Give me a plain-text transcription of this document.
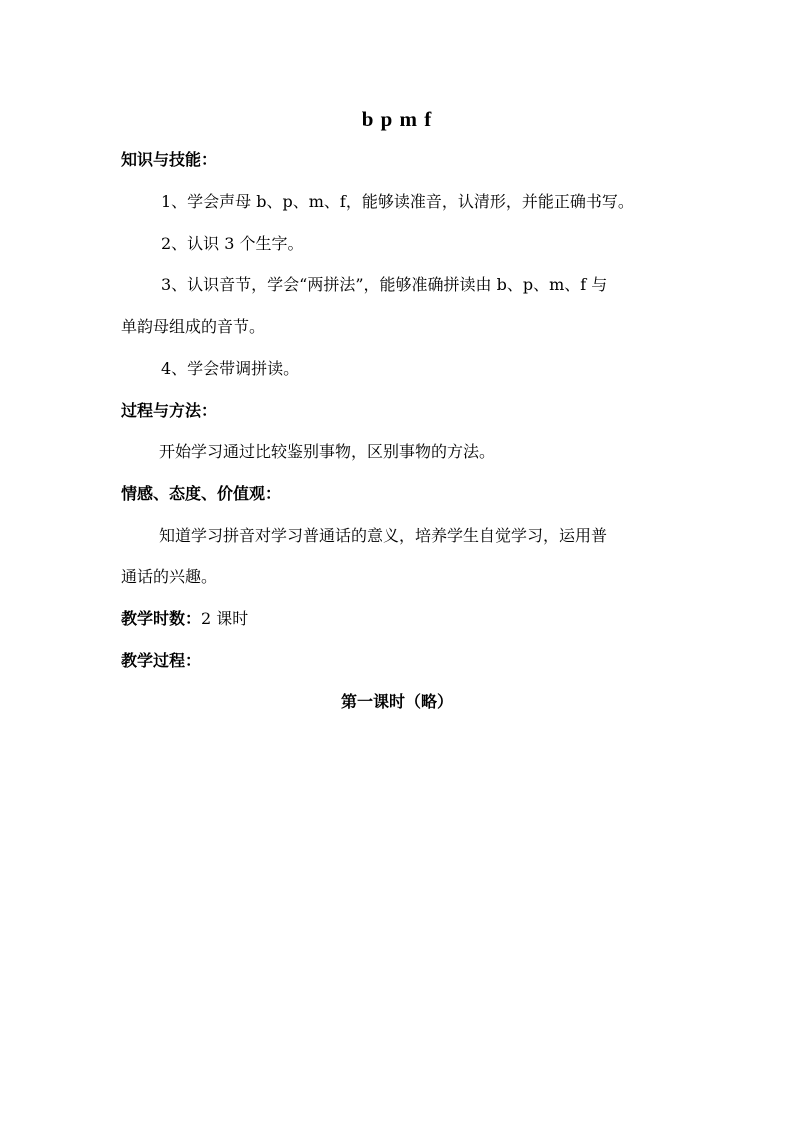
b p m f
知识与技能：
1、学会声母 b、p、m、f，能够读准音，认清形，并能正确书写。
2、认识 3 个生字。
3、认识音节，学会“两拼法”，能够准确拼读由 b、p、m、f 与
单韵母组成的音节。
4、学会带调拼读。
过程与方法：
开始学习通过比较鉴别事物，区别事物的方法。
情感、态度、价值观：
知道学习拼音对学习普通话的意义，培养学生自觉学习，运用普
通话的兴趣。
教学时数：2 课时
教学过程：
第一课时（略）
